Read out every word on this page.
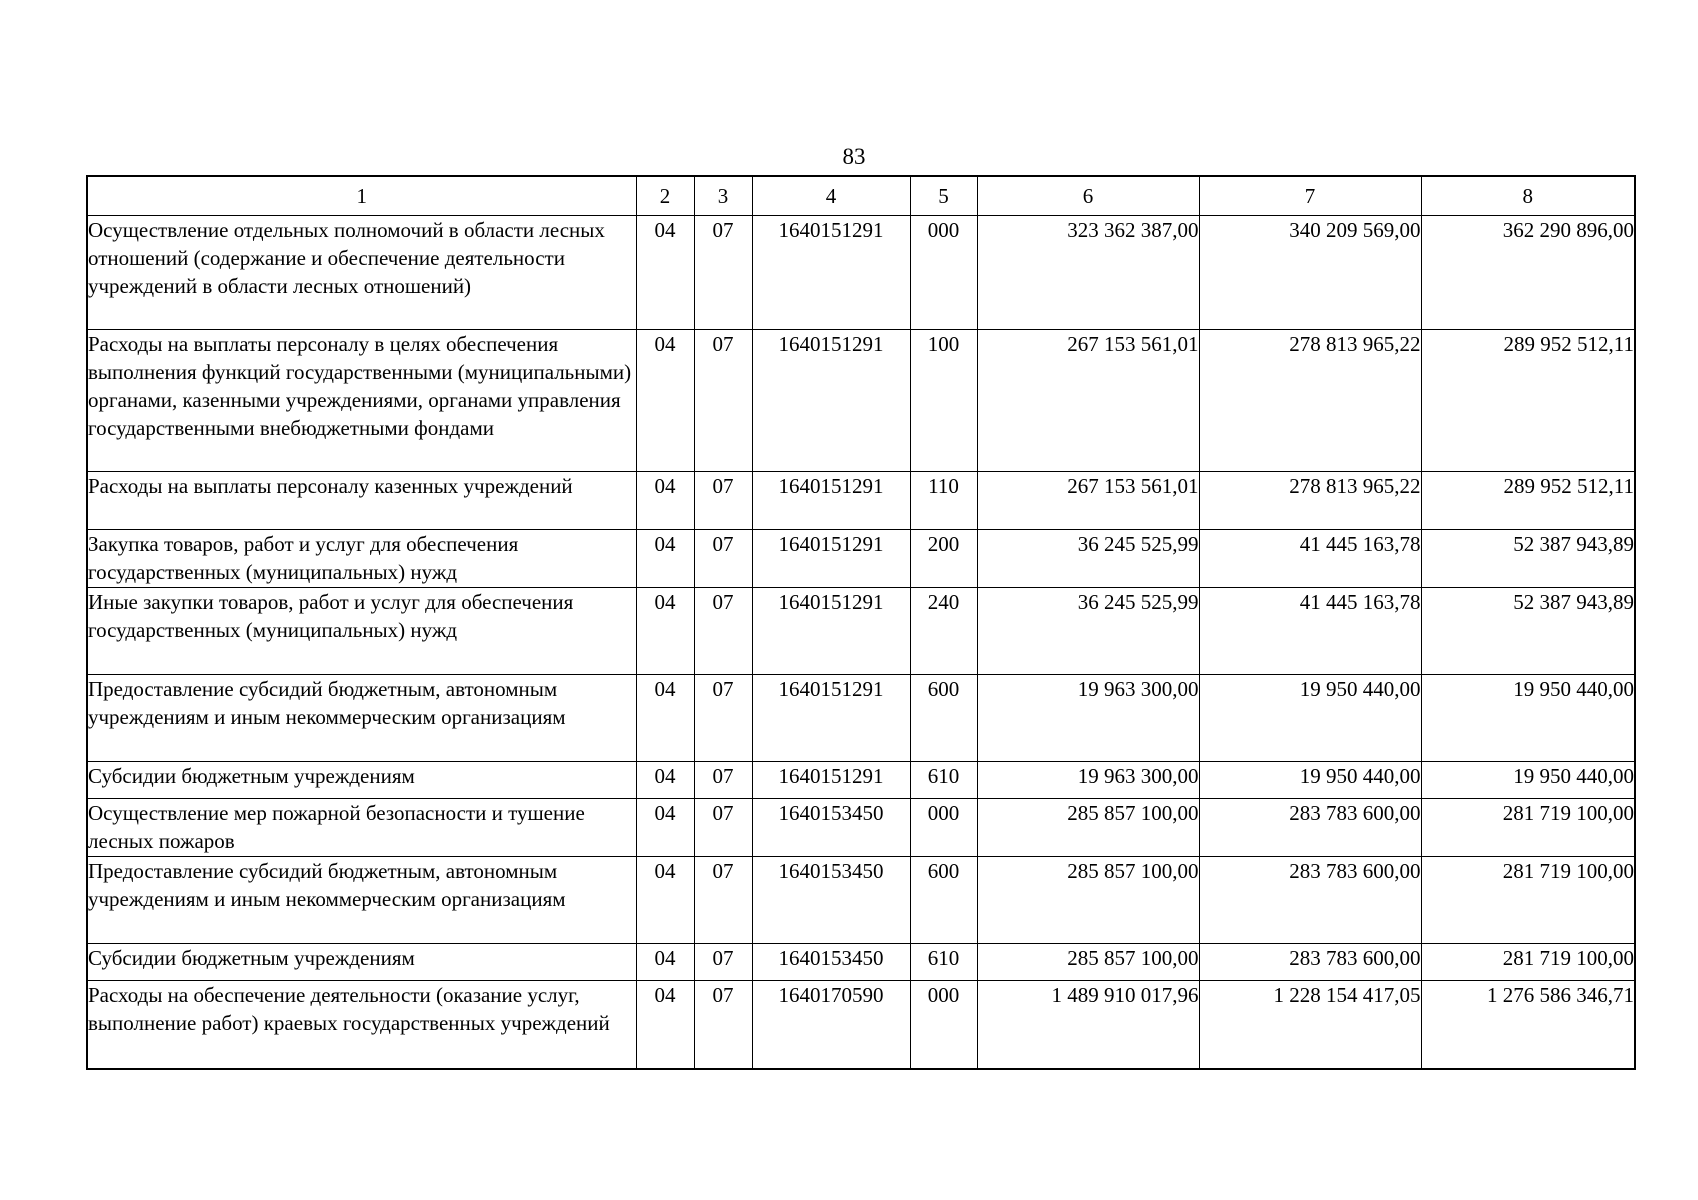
83
1	2	3	4	5	6	7	8
Осуществление отдельных полномочий в области лесных отношений (содержание и обеспечение деятельности учреждений в области лесных отношений)	04	07	1640151291	000	323 362 387,00	340 209 569,00	362 290 896,00
Расходы на выплаты персоналу в целях обеспечения выполнения функций государственными (муниципальными) органами, казенными учреждениями, органами управления государственными внебюджетными фондами	04	07	1640151291	100	267 153 561,01	278 813 965,22	289 952 512,11
Расходы на выплаты персоналу казенных учреждений	04	07	1640151291	110	267 153 561,01	278 813 965,22	289 952 512,11
Закупка товаров, работ и услуг для обеспечения государственных (муниципальных) нужд	04	07	1640151291	200	36 245 525,99	41 445 163,78	52 387 943,89
Иные закупки товаров, работ и услуг для обеспечения государственных (муниципальных) нужд	04	07	1640151291	240	36 245 525,99	41 445 163,78	52 387 943,89
Предоставление субсидий бюджетным, автономным учреждениям и иным некоммерческим организациям	04	07	1640151291	600	19 963 300,00	19 950 440,00	19 950 440,00
Субсидии бюджетным учреждениям	04	07	1640151291	610	19 963 300,00	19 950 440,00	19 950 440,00
Осуществление мер пожарной безопасности и тушение лесных пожаров	04	07	1640153450	000	285 857 100,00	283 783 600,00	281 719 100,00
Предоставление субсидий бюджетным, автономным учреждениям и иным некоммерческим организациям	04	07	1640153450	600	285 857 100,00	283 783 600,00	281 719 100,00
Субсидии бюджетным учреждениям	04	07	1640153450	610	285 857 100,00	283 783 600,00	281 719 100,00
Расходы на обеспечение деятельности (оказание услуг, выполнение работ) краевых государственных учреждений	04	07	1640170590	000	1 489 910 017,96	1 228 154 417,05	1 276 586 346,71
